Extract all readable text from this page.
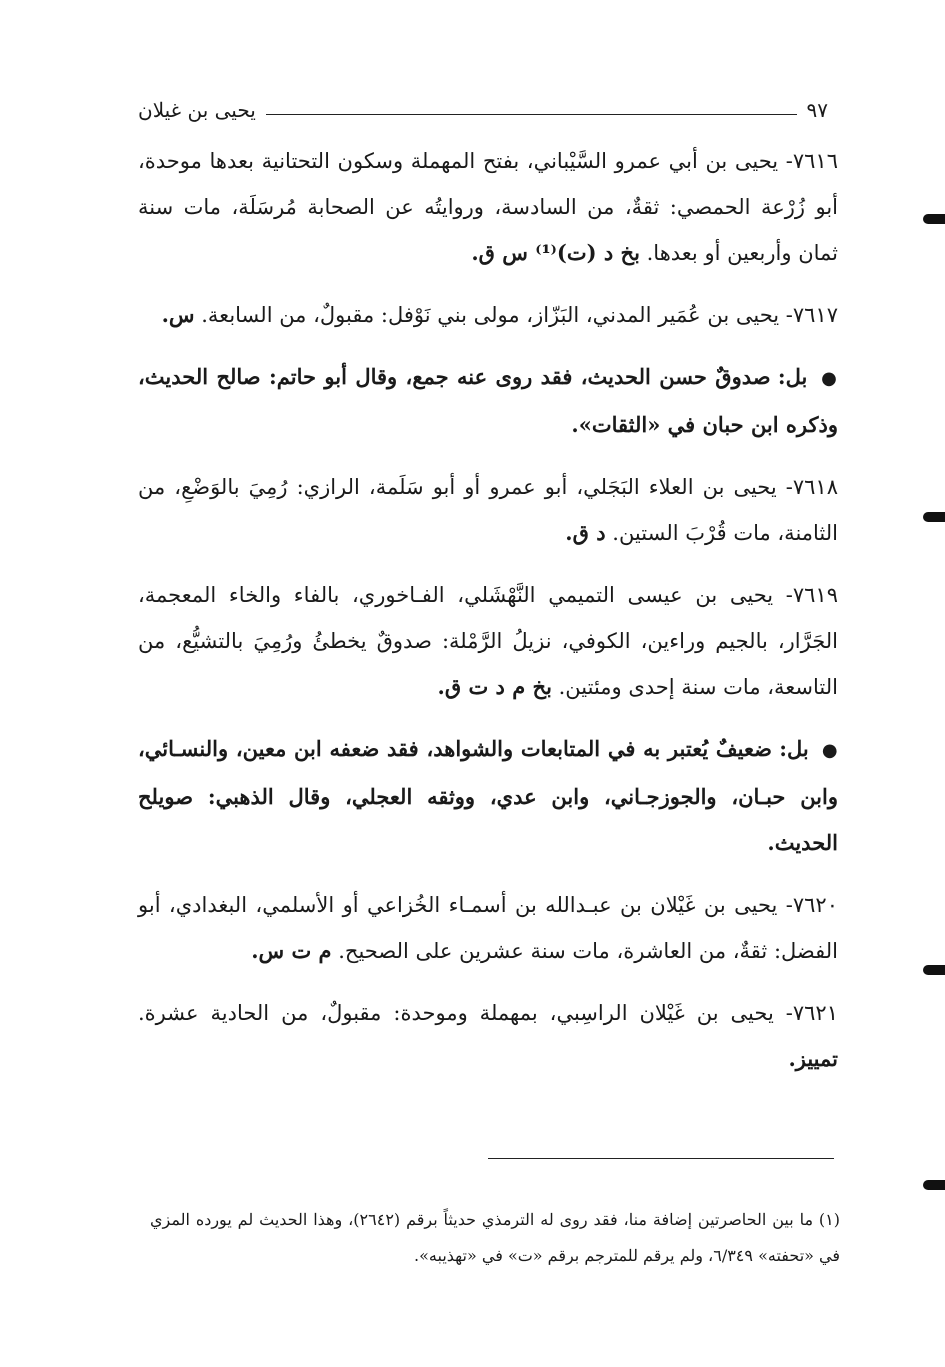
يحيى بن غيلان	٩٧

٧٦١٦- يحيى بن أبي عمرو السَّيْباني، بفتح المهملة وسكون التحتانية بعدها موحدة، أبو زُرْعة الحمصي: ثقةٌ، من السادسة، وروايتُه عن الصحابة مُرسَلَة، مات سنة ثمان وأربعين أو بعدها. بخ د (ت)⁽¹⁾ س ق.

٧٦١٧- يحيى بن عُمَير المدني، البَزّاز، مولى بني نَوْفل: مقبولٌ، من السابعة. س.

● بل: صدوقٌ حسن الحديث، فقد روى عنه جمع، وقال أبو حاتم: صالح الحديث، وذكره ابن حبان في «الثقات».

٧٦١٨- يحيى بن العلاء البَجَلي، أبو عمرو أو أبو سَلَمة، الرازي: رُمِيَ بالوَضْعِ، من الثامنة، مات قُرْبَ الستين. د ق.

٧٦١٩- يحيى بن عيسى التميمي النَّهْشَلي، الفـاخوري، بالفاء والخاء المعجمة، الجَرَّار، بالجيم وراءين، الكوفي، نزيلُ الرَّمْلة: صدوقٌ يخطئُ ورُمِيَ بالتشيُّع، من التاسعة، مات سنة إحدى ومئتين. بخ م د ت ق.

● بل: ضعيفٌ يُعتبر به في المتابعات والشواهد، فقد ضعفه ابن معين، والنسـائي، وابن حبـان، والجوزجـاني، وابن عدي، ووثقه العجلي، وقال الذهبي: صويلح الحديث.

٧٦٢٠- يحيى بن غَيْلان بن عبـدالله بن أسمـاء الخُزاعي أو الأسلمي، البغدادي، أبو الفضل: ثقةٌ، من العاشرة، مات سنة عشرين على الصحيح. م ت س.

٧٦٢١- يحيى بن غَيْلان الراسِبي، بمهملة وموحدة: مقبولٌ، من الحادية عشرة. تمييز.

(١) ما بين الحاصرتين إضافة منا، فقد روى له الترمذي حديثاً برقم (٢٦٤٢)، وهذا الحديث لم يورده المزي في «تحفته» ٦/٣٤٩، ولم يرقم للمترجم برقم «ت» في «تهذيبه».
